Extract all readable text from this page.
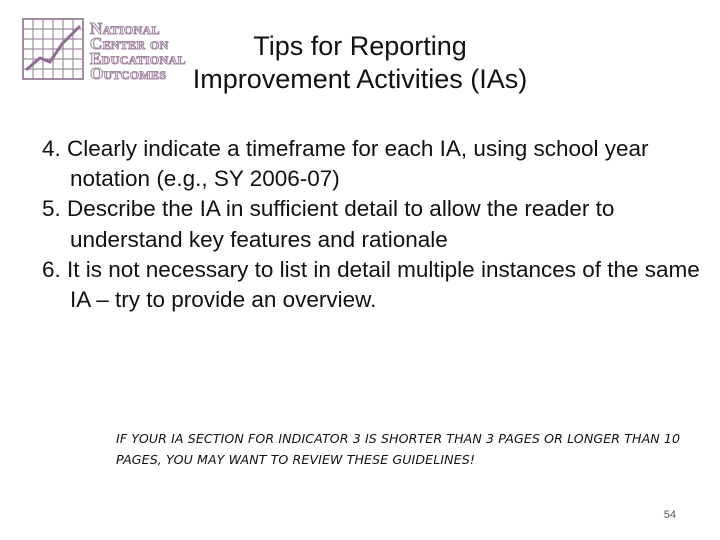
National
Center on
Educational
Outcomes
Tips for Reporting
Improvement Activities (IAs)
4. Clearly indicate a timeframe for each IA, using school year notation (e.g., SY 2006-07)
5. Describe the IA in sufficient detail to allow the reader to understand key features and rationale
6. It is not necessary to list in detail multiple instances of the same IA – try to provide an overview.
IF YOUR IA SECTION FOR INDICATOR 3 IS SHORTER THAN 3 PAGES OR LONGER THAN 10 PAGES, YOU MAY WANT TO REVIEW THESE GUIDELINES!
54
